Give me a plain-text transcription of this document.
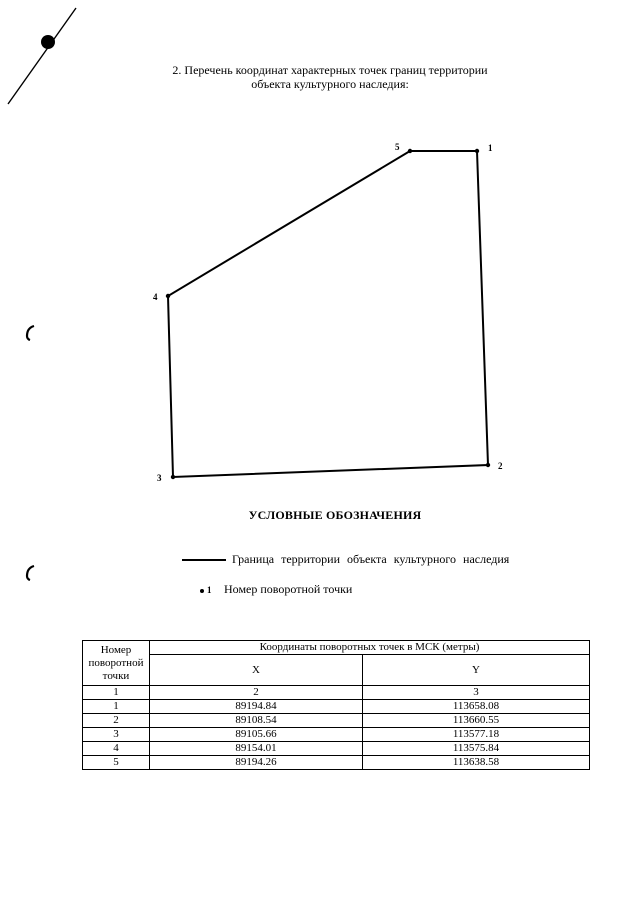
2. Перечень координат характерных точек границ территории
объекта культурного наследия:
1
2
3
4
5
УСЛОВНЫЕ ОБОЗНАЧЕНИЯ
Граница территории объекта культурного наследия
1 Номер поворотной точки
Номер поворотной точки	Координаты поворотных точек в МСК (метры)	
	X	Y
1	2	3
1	89194.84	113658.08
2	89108.54	113660.55
3	89105.66	113577.18
4	89154.01	113575.84
5	89194.26	113638.58
